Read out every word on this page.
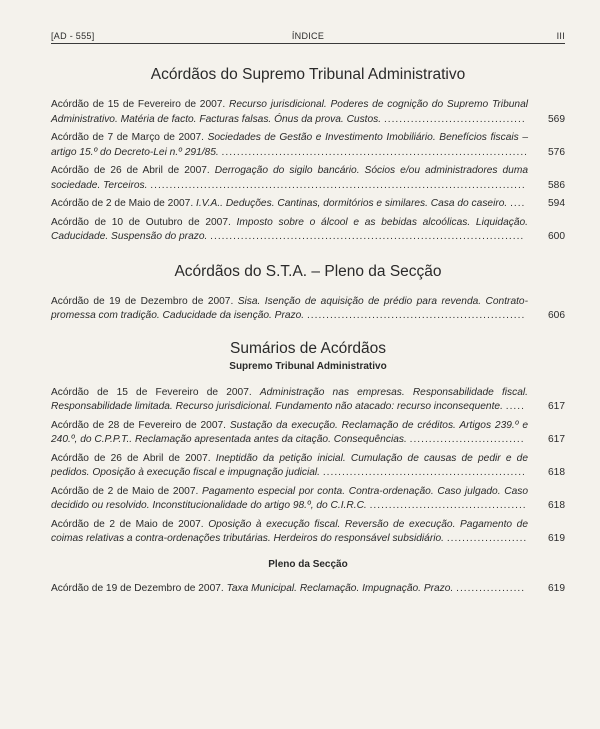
[AD - 555]	ÍNDICE	III
Acórdãos do Supremo Tribunal Administrativo
Acórdão de 15 de Fevereiro de 2007. Recurso jurisdicional. Poderes de cognição do Supremo Tribunal Administrativo. Matéria de facto. Facturas falsas. Ónus da prova. Custos. .....................................	569
Acórdão de 7 de Março de 2007. Sociedades de Gestão e Investimento Imobiliário. Benefícios fiscais – artigo 15.º do Decreto-Lei n.º 291/85. ................................................................................	576
Acórdão de 26 de Abril de 2007. Derrogação do sigilo bancário. Sócios e/ou administradores duma sociedade. Terceiros. ..................................................................................................	586
Acórdão de 2 de Maio de 2007. I.V.A.. Deduções. Cantinas, dormitórios e similares. Casa do caseiro. ....	594
Acórdão de 10 de Outubro de 2007. Imposto sobre o álcool e as bebidas alcoólicas. Liquidação. Caducidade. Suspensão do prazo. ..................................................................................	600
Acórdãos do S.T.A. – Pleno da Secção
Acórdão de 19 de Dezembro de 2007. Sisa. Isenção de aquisição de prédio para revenda. Contrato-promessa com tradição. Caducidade da isenção. Prazo. .........................................................	606
Sumários de Acórdãos
Supremo Tribunal Administrativo
Acórdão de 15 de Fevereiro de 2007. Administração nas empresas. Responsabilidade fiscal. Responsabilidade limitada. Recurso jurisdicional. Fundamento não atacado: recurso inconsequente. .....	617
Acórdão de 28 de Fevereiro de 2007. Sustação da execução. Reclamação de créditos. Artigos 239.º e 240.º, do C.P.P.T.. Reclamação apresentada antes da citação. Consequências. ..............................	617
Acórdão de 26 de Abril de 2007. Ineptidão da petição inicial. Cumulação de causas de pedir e de pedidos. Oposição à execução fiscal e impugnação judicial. .....................................................	618
Acórdão de 2 de Maio de 2007. Pagamento especial por conta. Contra-ordenação. Caso julgado. Caso decidido ou resolvido. Inconstitucionalidade do artigo 98.º, do C.I.R.C. .........................................	618
Acórdão de 2 de Maio de 2007. Oposição à execução fiscal. Reversão de execução. Pagamento de coimas relativas a contra-ordenações tributárias. Herdeiros do responsável subsidiário. .....................	619
Pleno da Secção
Acórdão de 19 de Dezembro de 2007. Taxa Municipal. Reclamação. Impugnação. Prazo. ..................	619
